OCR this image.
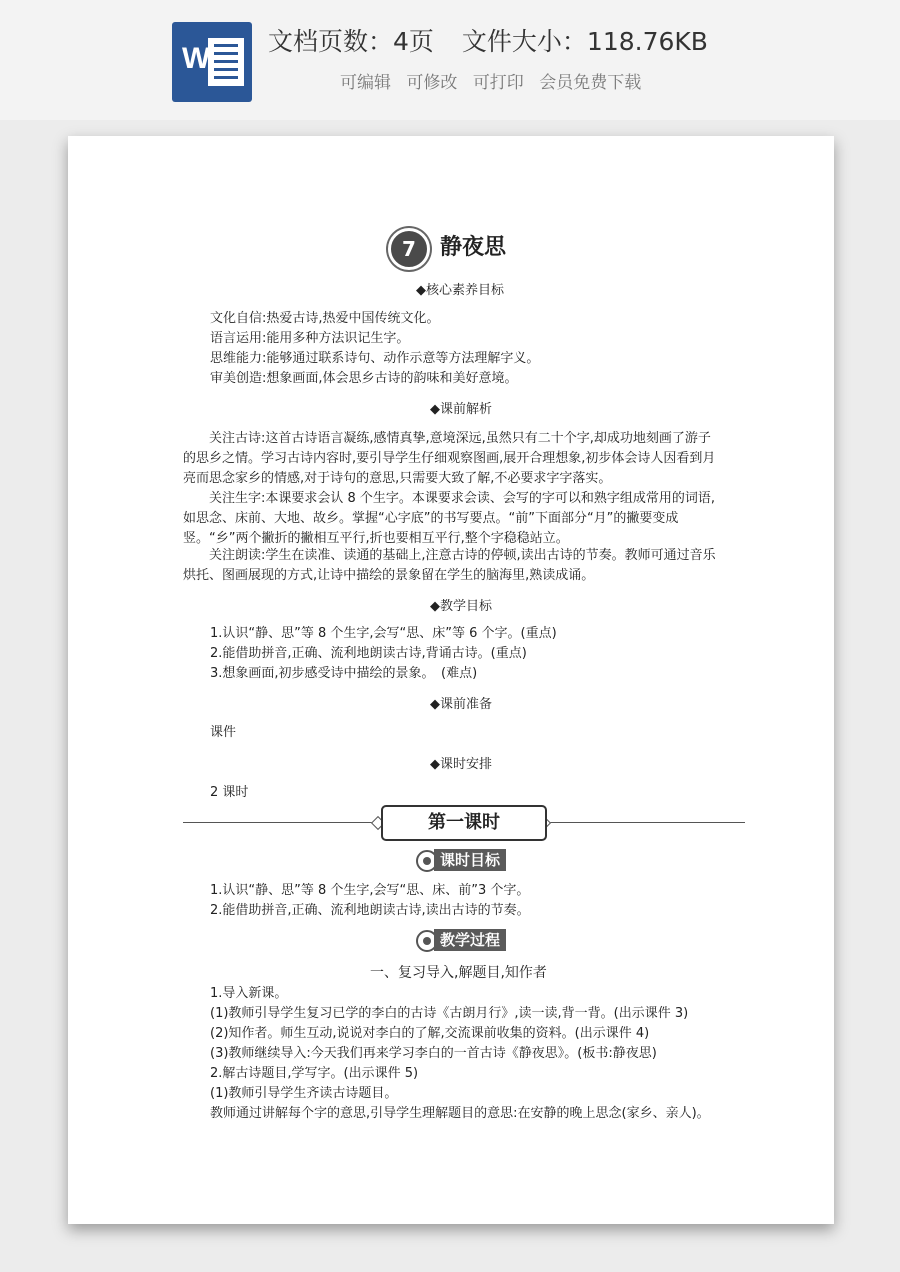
W
文档页数：4页 文件大小：118.76KB
可编辑 可修改 可打印 会员免费下载
7	静夜思
◆核心素养目标
文化自信:热爱古诗,热爱中国传统文化。
语言运用:能用多种方法识记生字。
思维能力:能够通过联系诗句、动作示意等方法理解字义。
审美创造:想象画面,体会思乡古诗的韵味和美好意境。
◆课前解析
关注古诗:这首古诗语言凝练,感情真挚,意境深远,虽然只有二十个字,却成功地刻画了游子的思乡之情。学习古诗内容时,要引导学生仔细观察图画,展开合理想象,初步体会诗人因看到月亮而思念家乡的情感,对于诗句的意思,只需要大致了解,不必要求字字落实。
关注生字:本课要求会认 8 个生字。本课要求会读、会写的字可以和熟字组成常用的词语,如思念、床前、大地、故乡。掌握“心字底”的书写要点。“前”下面部分“月”的撇要变成竖。“乡”两个撇折的撇相互平行,折也要相互平行,整个字稳稳站立。
关注朗读:学生在读准、读通的基础上,注意古诗的停顿,读出古诗的节奏。教师可通过音乐烘托、图画展现的方式,让诗中描绘的景象留在学生的脑海里,熟读成诵。
◆教学目标
1.认识“静、思”等 8 个生字,会写“思、床”等 6 个字。(重点)
2.能借助拼音,正确、流利地朗读古诗,背诵古诗。(重点)
3.想象画面,初步感受诗中描绘的景象。　(难点)
◆课前准备
课件
◆课时安排
2 课时
第一课时
课时目标
1.认识“静、思”等 8 个生字,会写“思、床、前”3 个字。
2.能借助拼音,正确、流利地朗读古诗,读出古诗的节奏。
教学过程
一、复习导入,解题目,知作者
1.导入新课。
(1)教师引导学生复习已学的李白的古诗《古朗月行》,读一读,背一背。(出示课件 3)
(2)知作者。师生互动,说说对李白的了解,交流课前收集的资料。(出示课件 4)
(3)教师继续导入:今天我们再来学习李白的一首古诗《静夜思》。(板书:静夜思)
2.解古诗题目,学写字。(出示课件 5)
(1)教师引导学生齐读古诗题目。
教师通过讲解每个字的意思,引导学生理解题目的意思:在安静的晚上思念(家乡、亲人)。
